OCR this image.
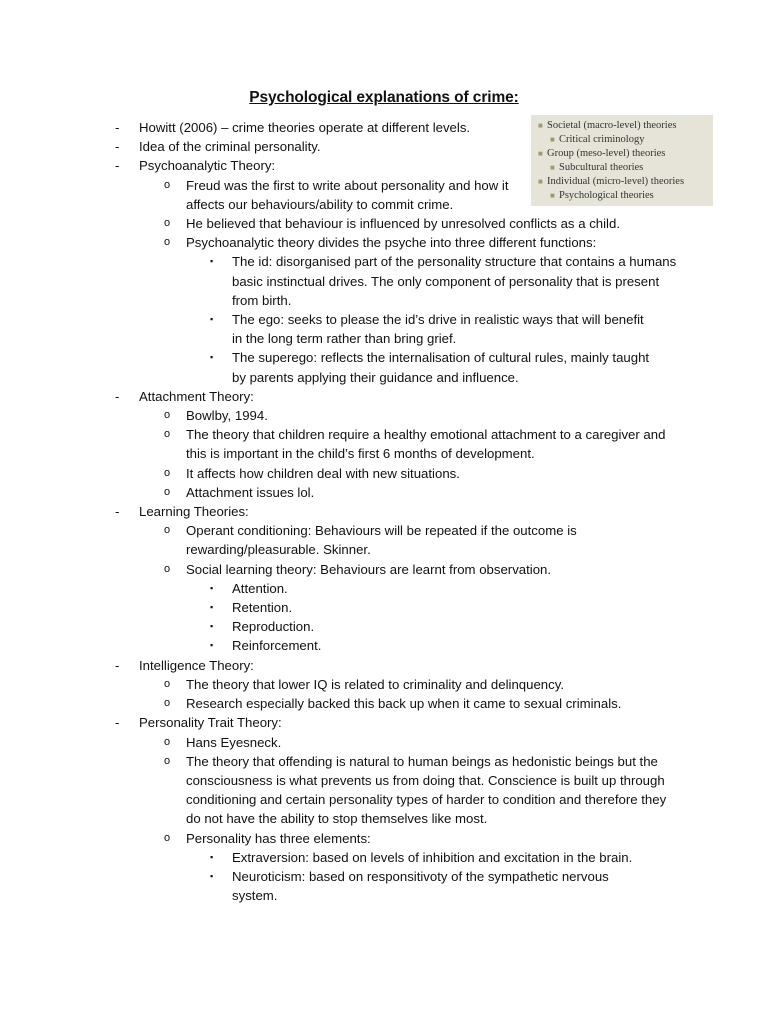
Psychological explanations of crime:
-	Howitt (2006) – crime theories operate at different levels.
-	Idea of the criminal personality.
-	Psychoanalytic Theory:
o	Freud was the first to write about personality and how it affects our behaviours/ability to commit crime.
o	He believed that behaviour is influenced by unresolved conflicts as a child.
o	Psychoanalytic theory divides the psyche into three different functions:
▪	The id: disorganised part of the personality structure that contains a humans basic instinctual drives. The only component of personality that is present from birth.
▪	The ego: seeks to please the id’s drive in realistic ways that will benefit in the long term rather than bring grief.
▪	The superego: reflects the internalisation of cultural rules, mainly taught by parents applying their guidance and influence.
-	Attachment Theory:
o	Bowlby, 1994.
o	The theory that children require a healthy emotional attachment to a caregiver and this is important in the child’s first 6 months of development.
o	It affects how children deal with new situations.
o	Attachment issues lol.
-	Learning Theories:
o	Operant conditioning: Behaviours will be repeated if the outcome is rewarding/pleasurable. Skinner.
o	Social learning theory: Behaviours are learnt from observation.
▪	Attention.
▪	Retention.
▪	Reproduction.
▪	Reinforcement.
-	Intelligence Theory:
o	The theory that lower IQ is related to criminality and delinquency.
o	Research especially backed this back up when it came to sexual criminals.
-	Personality Trait Theory:
o	Hans Eyesneck.
o	The theory that offending is natural to human beings as hedonistic beings but the consciousness is what prevents us from doing that. Conscience is built up through conditioning and certain personality types of harder to condition and therefore they do not have the ability to stop themselves like most.
o	Personality has three elements:
▪	Extraversion: based on levels of inhibition and excitation in the brain.
▪	Neuroticism: based on responsitivoty of the sympathetic nervous system.
■ Societal (macro-level) theories
■ Critical criminology
■ Group (meso-level) theories
■ Subcultural theories
■ Individual (micro-level) theories
■ Psychological theories
